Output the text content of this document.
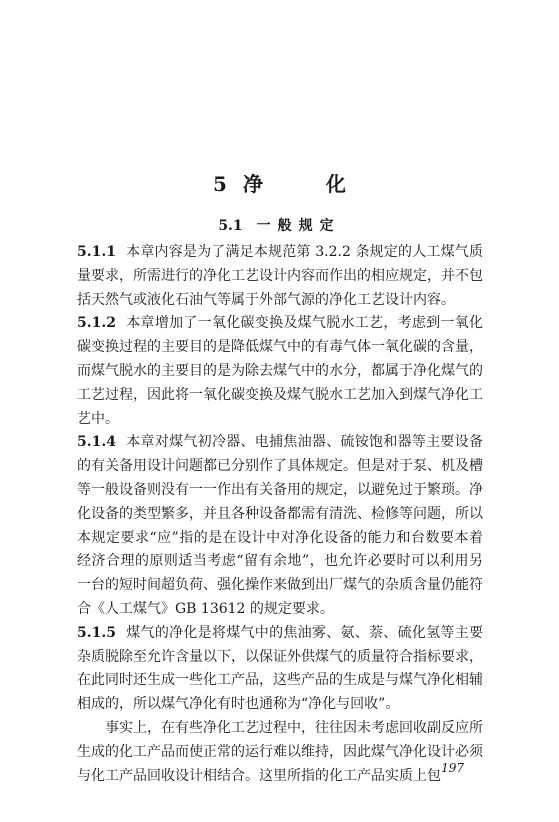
5 净 化
5.1 一般规定

5.1.1 本章内容是为了满足本规范第 3.2.2 条规定的人工煤气质量要求，所需进行的净化工艺设计内容而作出的相应规定，并不包括天然气或液化石油气等属于外部气源的净化工艺设计内容。

5.1.2 本章增加了一氧化碳变换及煤气脱水工艺，考虑到一氧化碳变换过程的主要目的是降低煤气中的有毒气体一氧化碳的含量，而煤气脱水的主要目的是为除去煤气中的水分，都属于净化煤气的工艺过程，因此将一氧化碳变换及煤气脱水工艺加入到煤气净化工艺中。

5.1.4 本章对煤气初冷器、电捕焦油器、硫铵饱和器等主要设备的有关备用设计问题都已分别作了具体规定。但是对于泵、机及槽等一般设备则没有一一作出有关备用的规定，以避免过于繁琐。净化设备的类型繁多，并且各种设备都需有清洗、检修等问题，所以本规定要求“应”指的是在设计中对净化设备的能力和台数要本着经济合理的原则适当考虑“留有余地”，也允许必要时可以利用另一台的短时间超负荷、强化操作来做到出厂煤气的杂质含量仍能符合《人工煤气》GB 13612 的规定要求。

5.1.5 煤气的净化是将煤气中的焦油雾、氨、萘、硫化氢等主要杂质脱除至允许含量以下，以保证外供煤气的质量符合指标要求，在此同时还生成一些化工产品，这些产品的生成是与煤气净化相辅相成的，所以煤气净化有时也通称为“净化与回收”。

事实上，在有些净化工艺过程中，往往因未考虑回收副反应所生成的化工产品而使正常的运行难以维持，因此煤气净化设计必须与化工产品回收设计相结合。这里所指的化工产品实质上包 197
